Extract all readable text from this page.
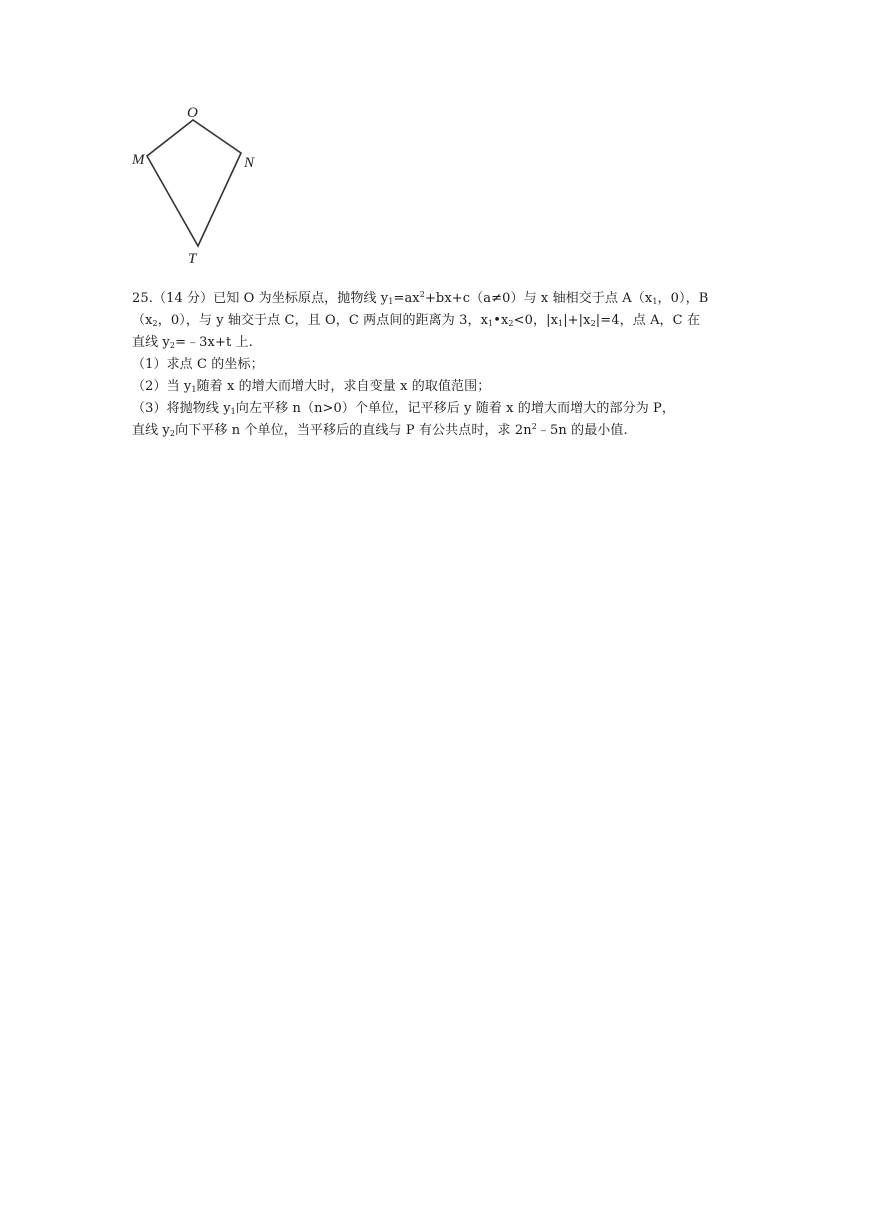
O
M	N
T
25.（14 分）已知 O 为坐标原点，抛物线 $y_1=ax^2+bx+c(a\ne 0)$与 x 轴相交于点 $A(x_1$，0），B
（$x_2$，0），与 y 轴交于点 C，且 O，C 两点间的距离为 3，$x_1•x_2<0$，$|x_1|+|x_2|=4$，点 A，C 在
直线 $y_2=﹣3x+t$ 上.
（1）求点 C 的坐标；
（2）当 $y_1$随着 x 的增大而增大时，求自变量 x 的取值范围；
（3）将抛物线 $y_1$向左平移 n（n>0）个单位，记平移后 y 随着 x 的增大而增大的部分为 P，
直线 $y_2$向下平移 n 个单位，当平移后的直线与 P 有公共点时，求 $2n^2﹣5n$ 的最小值.
